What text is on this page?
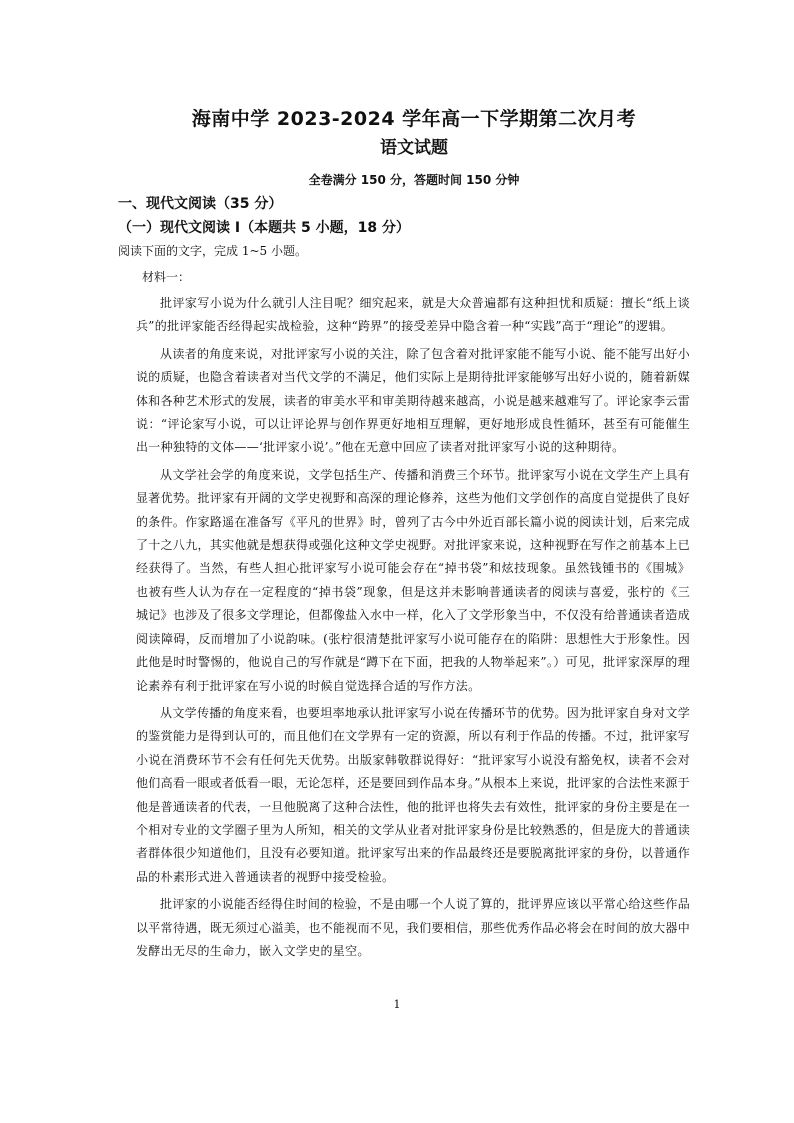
海南中学 2023-2024 学年高一下学期第二次月考
语文试题
全卷满分 150 分，答题时间 150 分钟
一、现代文阅读（35 分）
（一）现代文阅读 I（本题共 5 小题，18 分）
阅读下面的文字，完成 1~5 小题。
材料一：

批评家写小说为什么就引人注目呢？细究起来，就是大众普遍都有这种担忧和质疑：擅长“纸上谈兵”的批评家能否经得起实战检验，这种“跨界”的接受差异中隐含着一种“实践”高于“理论”的逻辑。

从读者的角度来说，对批评家写小说的关注，除了包含着对批评家能不能写小说、能不能写出好小说的质疑，也隐含着读者对当代文学的不满足，他们实际上是期待批评家能够写出好小说的，随着新媒体和各种艺术形式的发展，读者的审美水平和审美期待越来越高，小说是越来越难写了。评论家李云雷说：“评论家写小说，可以让评论界与创作界更好地相互理解，更好地形成良性循环，甚至有可能催生出一种独特的文体——‘批评家小说’。”他在无意中回应了读者对批评家写小说的这种期待。

从文学社会学的角度来说，文学包括生产、传播和消费三个环节。批评家写小说在文学生产上具有显著优势。批评家有开阔的文学史视野和高深的理论修养，这些为他们文学创作的高度自觉提供了良好的条件。作家路遥在准备写《平凡的世界》时，曾列了古今中外近百部长篇小说的阅读计划，后来完成了十之八九，其实他就是想获得或强化这种文学史视野。对批评家来说，这种视野在写作之前基本上已经获得了。当然，有些人担心批评家写小说可能会存在“掉书袋”和炫技现象。虽然钱锺书的《围城》也被有些人认为存在一定程度的“掉书袋”现象，但是这并未影响普通读者的阅读与喜爱，张柠的《三城记》也涉及了很多文学理论，但都像盐入水中一样，化入了文学形象当中，不仅没有给普通读者造成阅读障碍，反而增加了小说韵味。(张柠很清楚批评家写小说可能存在的陷阱：思想性大于形象性。因此他是时时警惕的，他说自己的写作就是“蹲下在下面，把我的人物举起来”。）可见，批评家深厚的理论素养有利于批评家在写小说的时候自觉选择合适的写作方法。

从文学传播的角度来看，也要坦率地承认批评家写小说在传播环节的优势。因为批评家自身对文学的鉴赏能力是得到认可的，而且他们在文学界有一定的资源，所以有利于作品的传播。不过，批评家写小说在消费环节不会有任何先天优势。出版家韩敬群说得好：“批评家写小说没有豁免权，读者不会对他们高看一眼或者低看一眼，无论怎样，还是要回到作品本身。”从根本上来说，批评家的合法性来源于他是普通读者的代表，一旦他脱离了这种合法性，他的批评也将失去有效性，批评家的身份主要是在一个相对专业的文学圈子里为人所知，相关的文学从业者对批评家身份是比较熟悉的，但是庞大的普通读者群体很少知道他们，且没有必要知道。批评家写出来的作品最终还是要脱离批评家的身份，以普通作品的朴素形式进入普通读者的视野中接受检验。

批评家的小说能否经得住时间的检验，不是由哪一个人说了算的，批评界应该以平常心给这些作品以平常待遇，既无须过心溢美，也不能视而不见，我们要相信，那些优秀作品必将会在时间的放大器中发酵出无尽的生命力，嵌入文学史的星空。

1
